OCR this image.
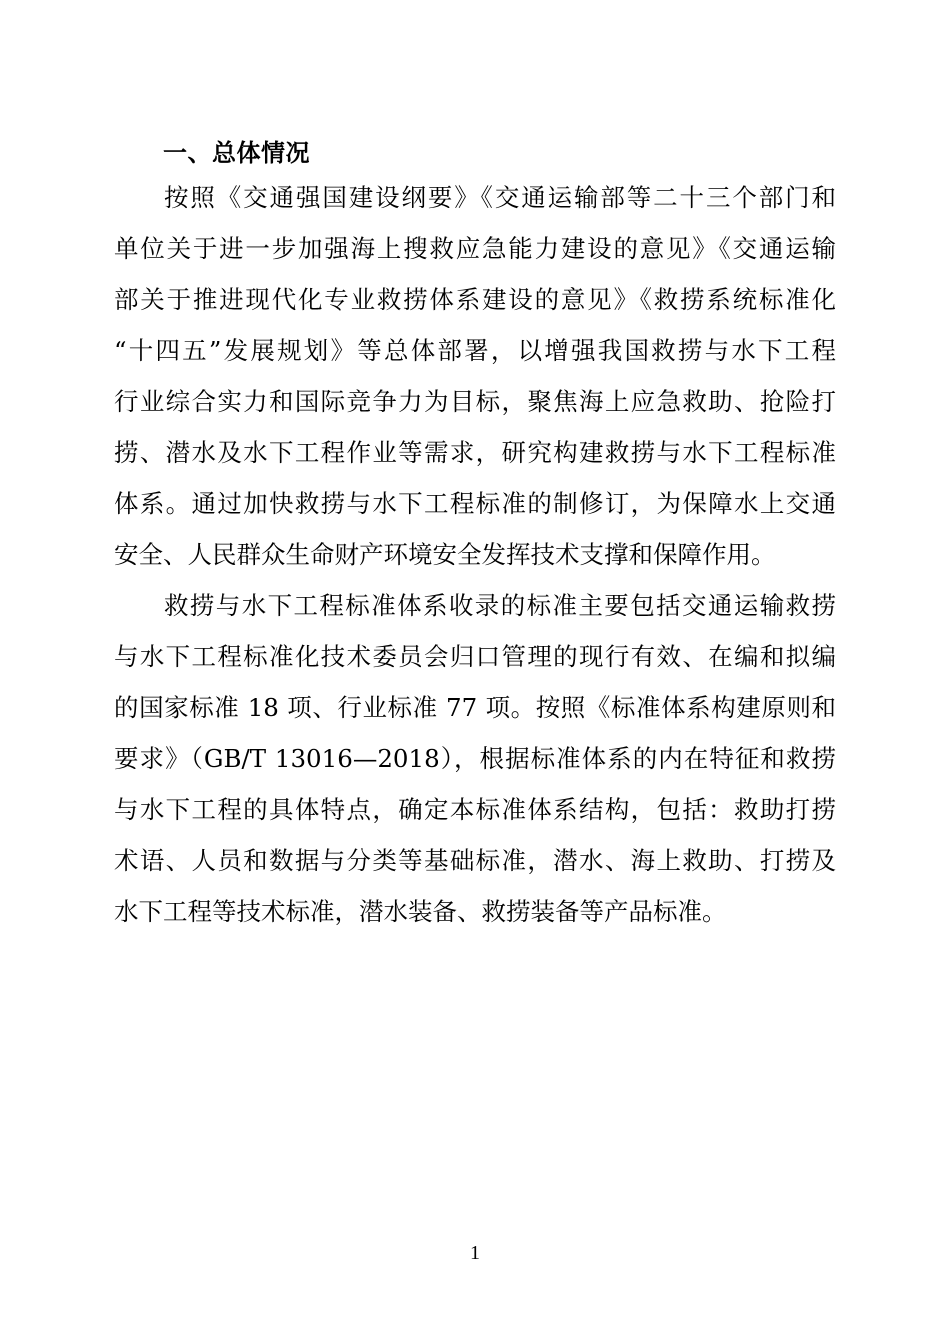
一、总体情况
按照《交通强国建设纲要》《交通运输部等二十三个部门和
单位关于进一步加强海上搜救应急能力建设的意见》《交通运输
部关于推进现代化专业救捞体系建设的意见》《救捞系统标准化
“十四五”发展规划》等总体部署，以增强我国救捞与水下工程
行业综合实力和国际竞争力为目标，聚焦海上应急救助、抢险打
捞、潜水及水下工程作业等需求，研究构建救捞与水下工程标准
体系。通过加快救捞与水下工程标准的制修订，为保障水上交通
安全、人民群众生命财产环境安全发挥技术支撑和保障作用。
救捞与水下工程标准体系收录的标准主要包括交通运输救捞
与水下工程标准化技术委员会归口管理的现行有效、在编和拟编
的国家标准 18 项、行业标准 77 项。按照《标准体系构建原则和
要求》（GB/T 13016—2018），根据标准体系的内在特征和救捞
与水下工程的具体特点，确定本标准体系结构，包括：救助打捞
术语、人员和数据与分类等基础标准，潜水、海上救助、打捞及
水下工程等技术标准，潜水装备、救捞装备等产品标准。
1
